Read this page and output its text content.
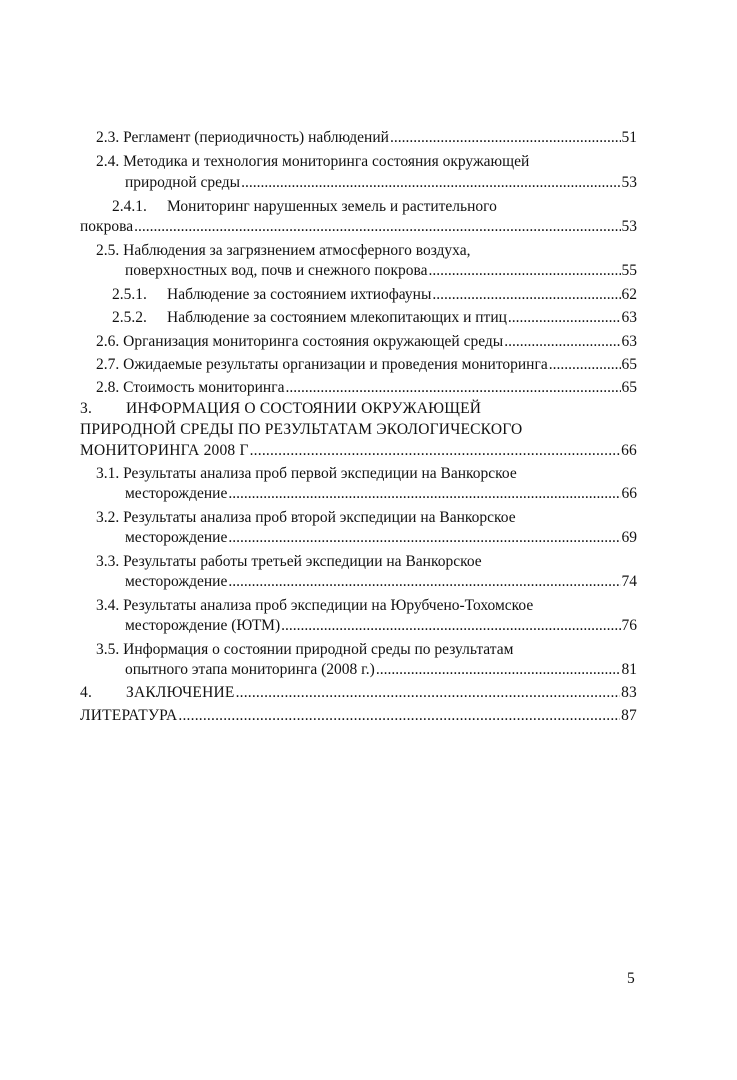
2.3. Регламент (периодичность) наблюдений .....	51
2.4. Методика и технология мониторинга состояния окружающей
природной среды .....	53
2.4.1. Мониторинг нарушенных земель и растительного
покрова .....	53
2.5. Наблюдения за загрязнением атмосферного воздуха,
поверхностных вод, почв и снежного покрова .....	55
2.5.1.	Наблюдение за состоянием ихтиофауны .....	62
2.5.2.	Наблюдение за состоянием млекопитающих и птиц .....	63
2.6. Организация мониторинга состояния окружающей среды .....	63
2.7. Ожидаемые результаты организации и проведения мониторинга .....	65
2.8. Стоимость мониторинга .....	65
3. ИНФОРМАЦИЯ О СОСТОЯНИИ ОКРУЖАЮЩЕЙ
ПРИРОДНОЙ СРЕДЫ ПО РЕЗУЛЬТАТАМ ЭКОЛОГИЧЕСКОГО
МОНИТОРИНГА 2008 Г .....	66
3.1. Результаты анализа проб первой экспедиции на Ванкорское
месторождение .....	66
3.2. Результаты анализа проб второй экспедиции на Ванкорское
месторождение .....	69
3.3. Результаты работы третьей экспедиции на Ванкорское
месторождение .....	74
3.4. Результаты анализа проб экспедиции на Юрубчено-Тохомское
месторождение (ЮТМ) .....	76
3.5. Информация о состоянии природной среды по результатам
опытного этапа мониторинга (2008 г.) .....	81
4.	ЗАКЛЮЧЕНИЕ .....	83
ЛИТЕРАТУРА .....	87
5
